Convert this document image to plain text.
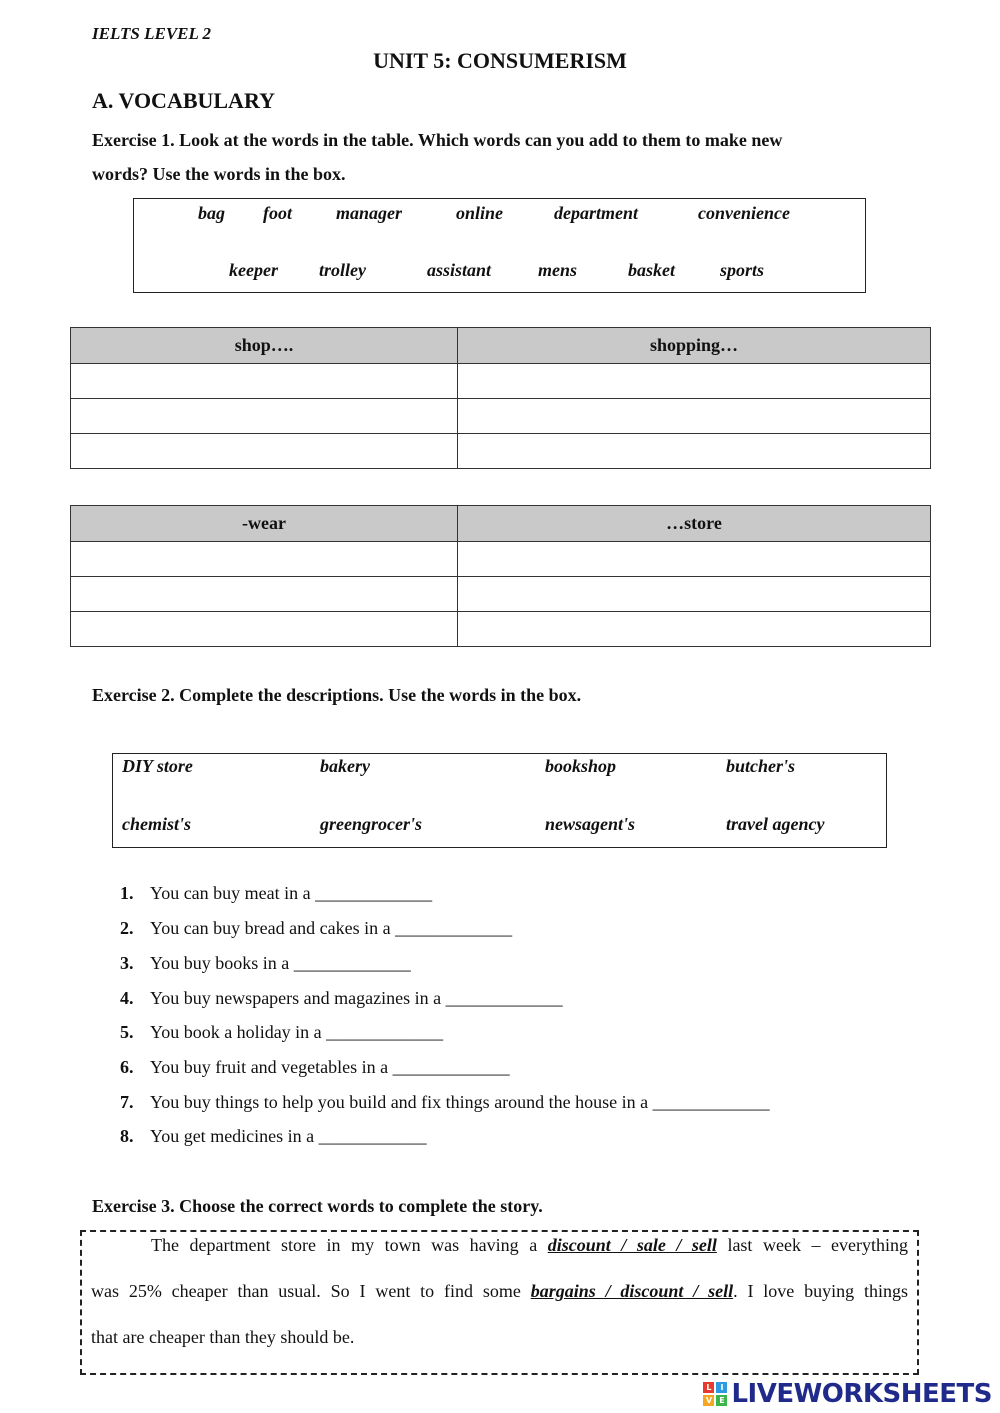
IELTS LEVEL 2
UNIT 5: CONSUMERISM
A. VOCABULARY
Exercise 1. Look at the words in the table. Which words can you add to them to make new
words? Use the words in the box.
bag foot manager	online	department	convenience
keeper trolley	assistant	mens	basket	sports
shop….	shopping…

-wear	…store

Exercise 2. Complete the descriptions. Use the words in the box.
DIY store	bakery	bookshop	butcher's
chemist's	greengrocer's	newsagent's	travel agency
1. You can buy meat in a _____________
2. You can buy bread and cakes in a _____________
3. You buy books in a _____________
4. You buy newspapers and magazines in a _____________
5. You book a holiday in a _____________
6. You buy fruit and vegetables in a _____________
7. You buy things to help you build and fix things around the house in a _____________
8. You get medicines in a ____________
Exercise 3. Choose the correct words to complete the story.
The department store in my town was having a discount / sale / sell last week – everything
was 25% cheaper than usual. So I went to find some bargains / discount / sell. I love buying things
that are cheaper than they should be.
L	I
V E LIVEWORKSHEETS
